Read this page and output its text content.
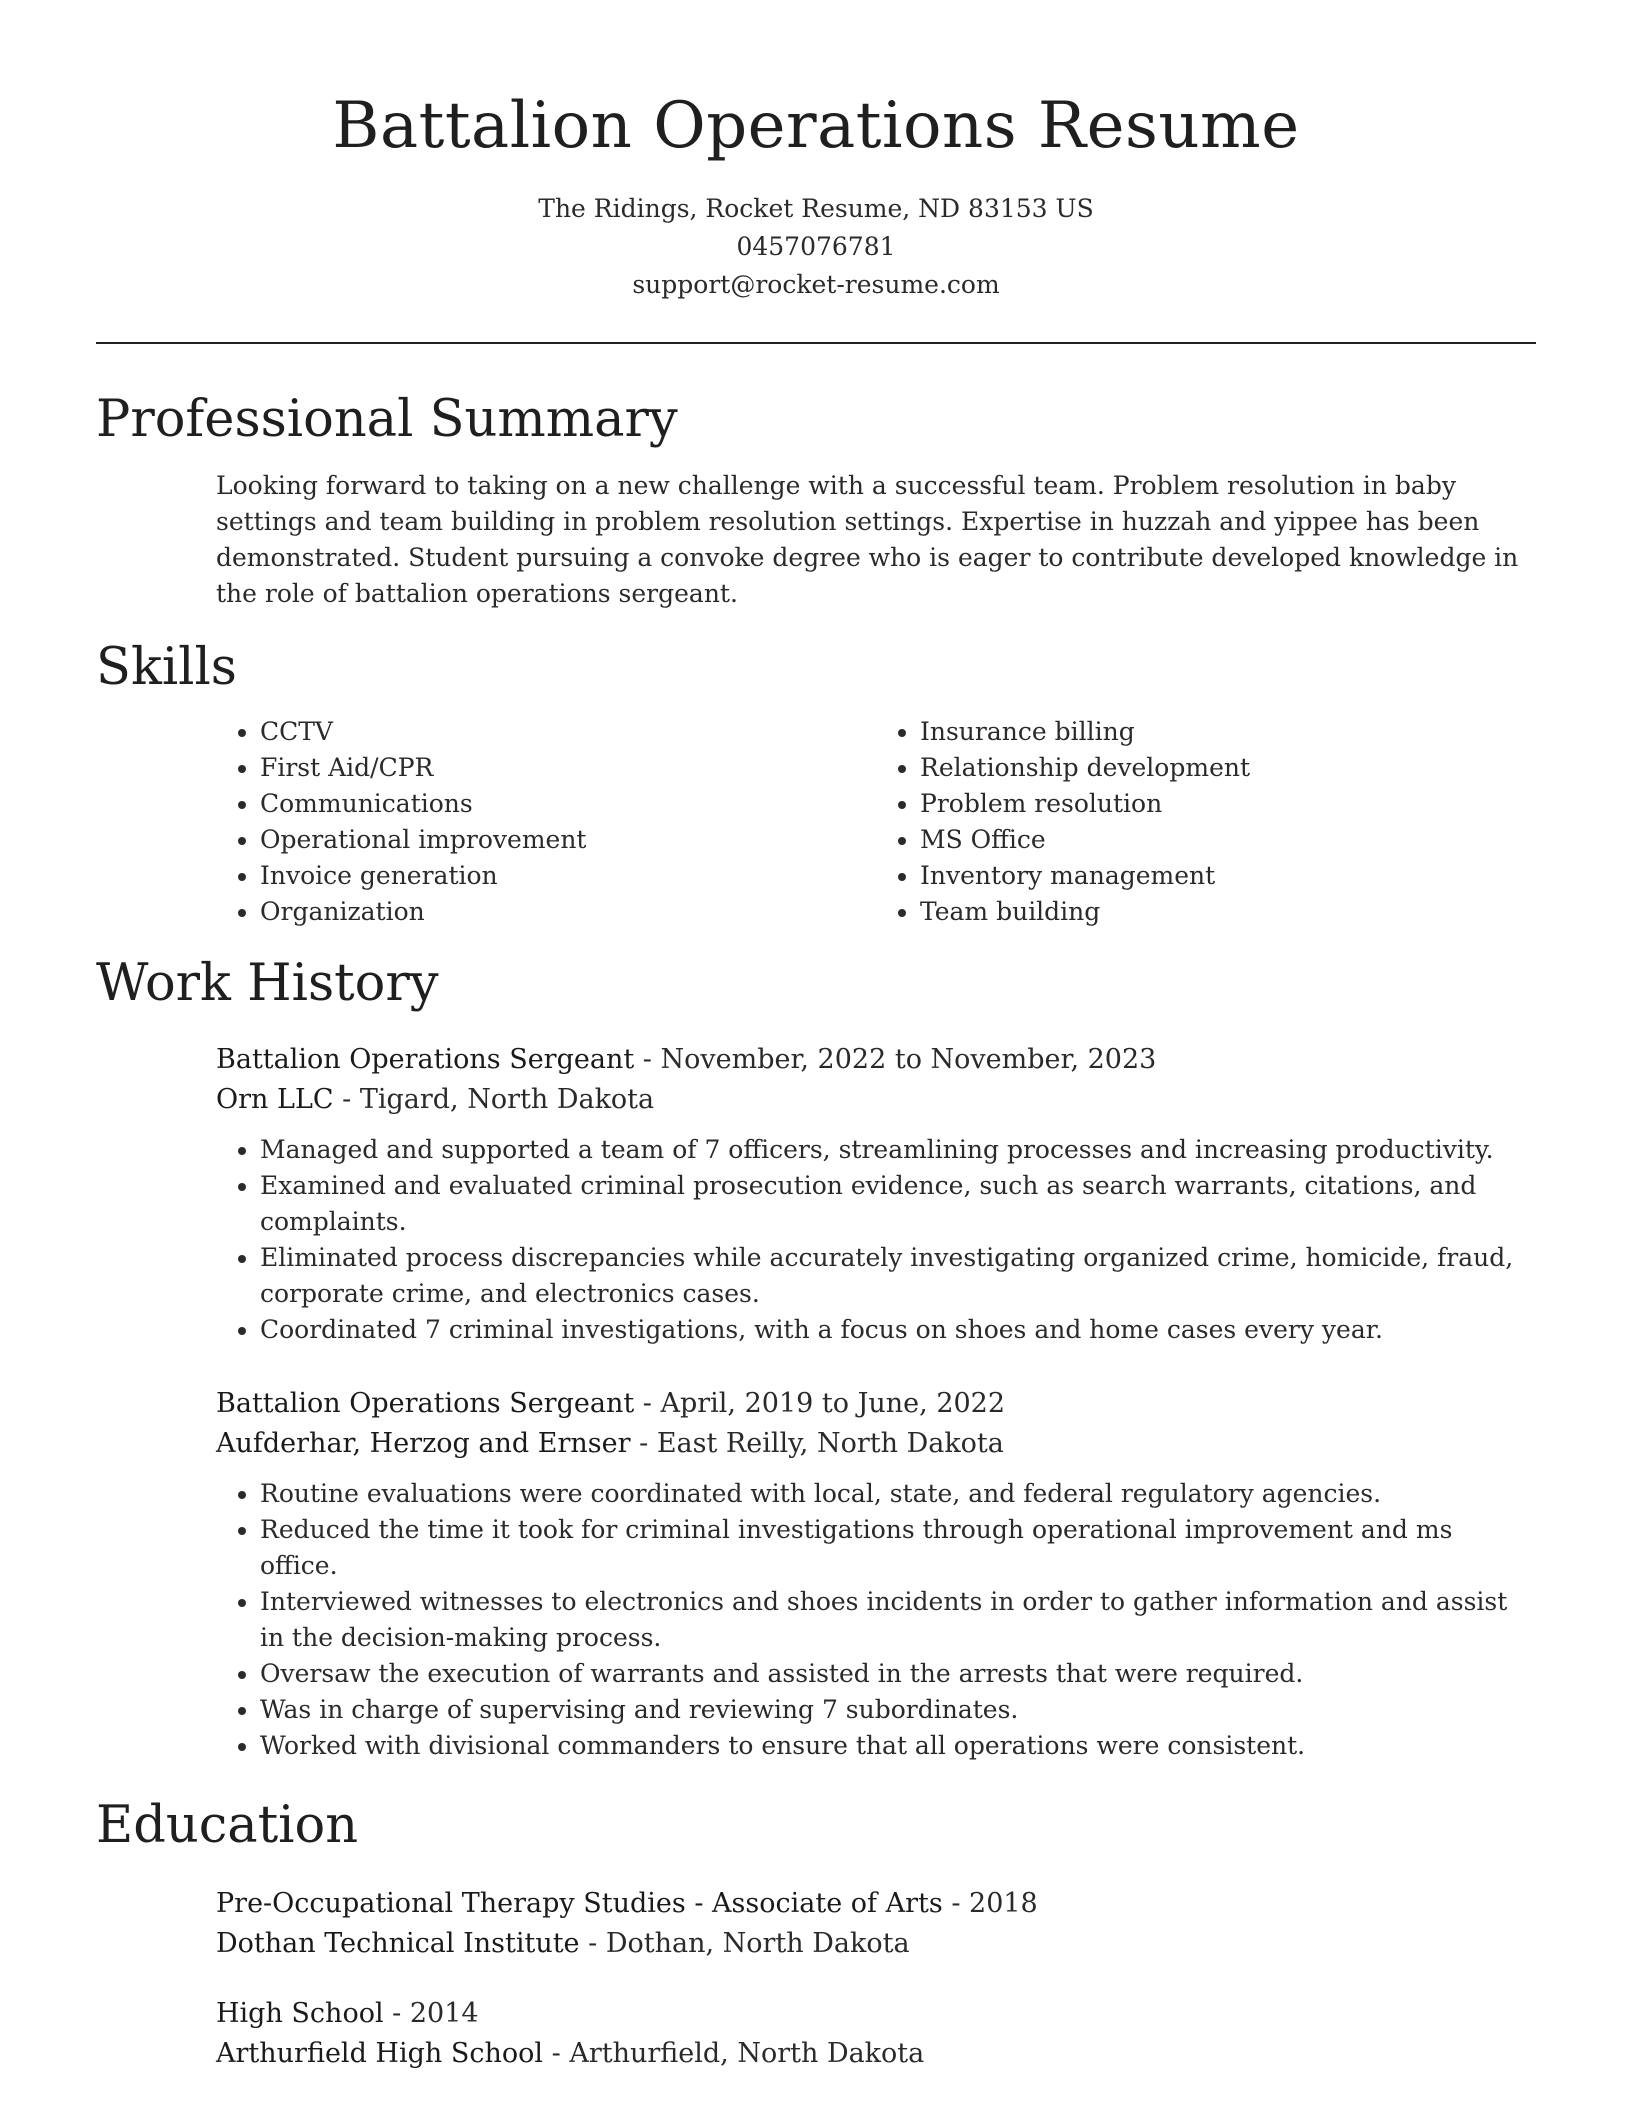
Battalion Operations Resume

The Ridings, Rocket Resume, ND 83153 US

0457076781

support@rocket-resume.com

Professional Summary

Looking forward to taking on a new challenge with a successful team. Problem resolution in baby settings and team building in problem resolution settings. Expertise in huzzah and yippee has been demonstrated. Student pursuing a convoke degree who is eager to contribute developed knowledge in the role of battalion operations sergeant.

Skills
• CCTV
• First Aid/CPR
• Communications
• Operational improvement
• Invoice generation
• Organization
• Insurance billing
• Relationship development
• Problem resolution
• MS Office
• Inventory management
• Team building
Work History

Battalion Operations Sergeant - November, 2022 to November, 2023

Orn LLC - Tigard, North Dakota

• Managed and supported a team of 7 officers, streamlining processes and increasing productivity.
• Examined and evaluated criminal prosecution evidence, such as search warrants, citations, and complaints.
• Eliminated process discrepancies while accurately investigating organized crime, homicide, fraud, corporate crime, and electronics cases.
• Coordinated 7 criminal investigations, with a focus on shoes and home cases every year.

Battalion Operations Sergeant - April, 2019 to June, 2022

Aufderhar, Herzog and Ernser - East Reilly, North Dakota

• Routine evaluations were coordinated with local, state, and federal regulatory agencies.
• Reduced the time it took for criminal investigations through operational improvement and ms office.
• Interviewed witnesses to electronics and shoes incidents in order to gather information and assist in the decision-making process.
• Oversaw the execution of warrants and assisted in the arrests that were required.
• Was in charge of supervising and reviewing 7 subordinates.
• Worked with divisional commanders to ensure that all operations were consistent.
Education

Pre-Occupational Therapy Studies - Associate of Arts - 2018

Dothan Technical Institute - Dothan, North Dakota

High School - 2014

Arthurfield High School - Arthurfield, North Dakota
